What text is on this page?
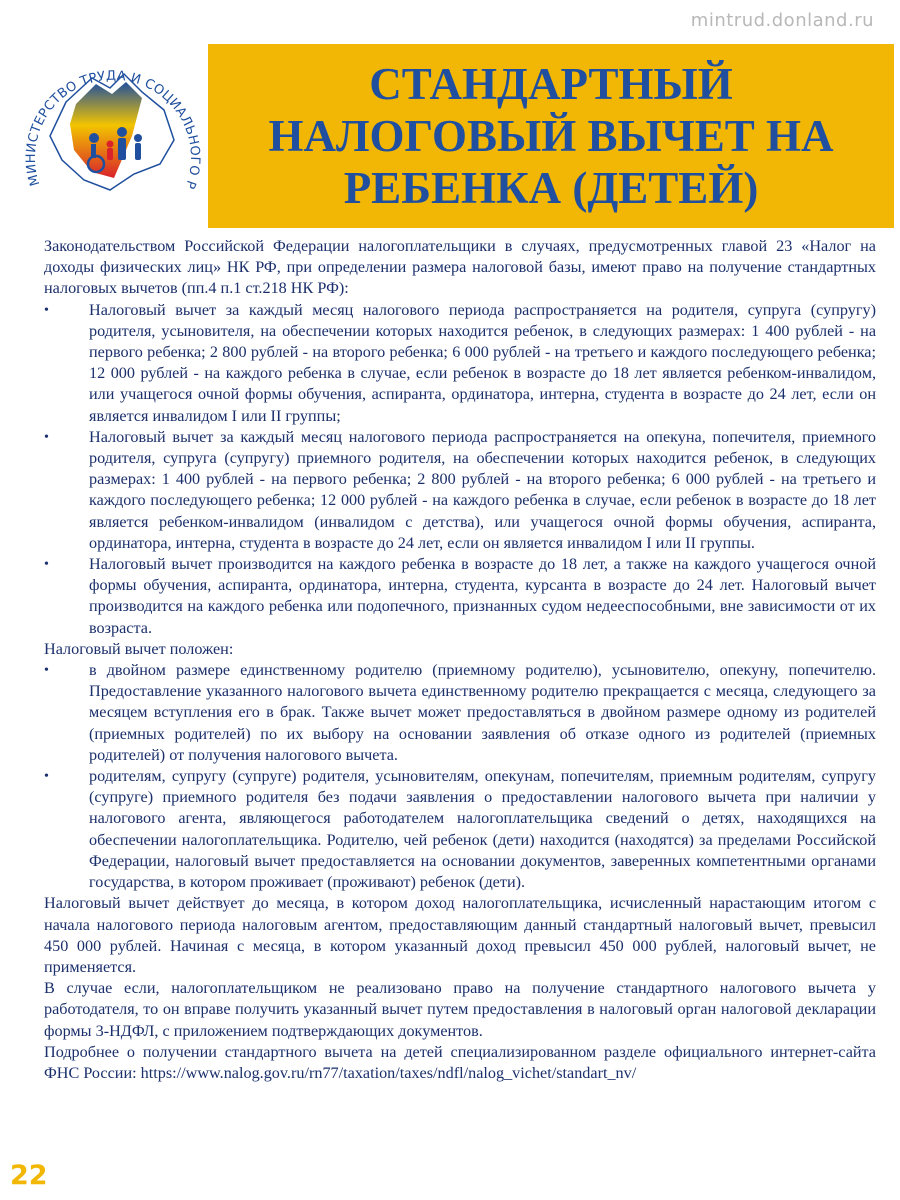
mintrud.donland.ru
МИНИСТЕРСТВО ТРУДА И СОЦИАЛЬНОГО Р
СТАНДАРТНЫЙ
НАЛОГОВЫЙ ВЫЧЕТ НА
РЕБЕНКА (ДЕТЕЙ)

Законодательством Российской Федерации налогоплательщики в случаях, предусмотренных главой 23 «Налог на доходы физических лиц» НК РФ, при определении размера налоговой базы, имеют право на получение стандартных налоговых вычетов (пп.4 п.1 ст.218 НК РФ):

• Налоговый вычет за каждый месяц налогового периода распространяется на родителя, супруга (супругу) родителя, усыновителя, на обеспечении которых находится ребенок, в следующих размерах: 1 400 рублей - на первого ребенка; 2 800 рублей - на второго ребенка; 6 000 рублей - на третьего и каждого последующего ребенка; 12 000 рублей - на каждого ребенка в случае, если ребенок в возрасте до 18 лет является ребенком-инвалидом, или учащегося очной формы обучения, аспиранта, ординатора, интерна, студента в возрасте до 24 лет, если он является инвалидом I или II группы;
• Налоговый вычет за каждый месяц налогового периода распространяется на опекуна, попечителя, приемного родителя, супруга (супругу) приемного родителя, на обеспечении которых находится ребенок, в следующих размерах: 1 400 рублей - на первого ребенка; 2 800 рублей - на второго ребенка; 6 000 рублей - на третьего и каждого последующего ребенка; 12 000 рублей - на каждого ребенка в случае, если ребенок в возрасте до 18 лет является ребенком-инвалидом (инвалидом с детства), или учащегося очной формы обучения, аспиранта, ординатора, интерна, студента в возрасте до 24 лет, если он является инвалидом I или II группы.
• Налоговый вычет производится на каждого ребенка в возрасте до 18 лет, а также на каждого учащегося очной формы обучения, аспиранта, ординатора, интерна, студента, курсанта в возрасте до 24 лет. Налоговый вычет производится на каждого ребенка или подопечного, признанных судом недееспособными, вне зависимости от их возраста.

Налоговый вычет положен:

• в двойном размере единственному родителю (приемному родителю), усыновителю, опекуну, попечителю. Предоставление указанного налогового вычета единственному родителю прекращается с месяца, следующего за месяцем вступления его в брак. Также вычет может предоставляться в двойном размере одному из родителей (приемных родителей) по их выбору на основании заявления об отказе одного из родителей (приемных родителей) от получения налогового вычета.
• родителям, супругу (супруге) родителя, усыновителям, опекунам, попечителям, приемным родителям, супругу (супруге) приемного родителя без подачи заявления о предоставлении налогового вычета при наличии у налогового агента, являющегося работодателем налогоплательщика сведений о детях, находящихся на обеспечении налогоплательщика. Родителю, чей ребенок (дети) находится (находятся) за пределами Российской Федерации, налоговый вычет предоставляется на основании документов, заверенных компетентными органами государства, в котором проживает (проживают) ребенок (дети).

Налоговый вычет действует до месяца, в котором доход налогоплательщика, исчисленный нарастающим итогом с начала налогового периода налоговым агентом, предоставляющим данный стандартный налоговый вычет, превысил 450 000 рублей. Начиная с месяца, в котором указанный доход превысил 450 000 рублей, налоговый вычет, не применяется.

В случае если, налогоплательщиком не реализовано право на получение стандартного налогового вычета у работодателя, то он вправе получить указанный вычет путем предоставления в налоговый орган налоговой декларации формы 3-НДФЛ, с приложением подтверждающих документов.

Подробнее о получении стандартного вычета на детей специализированном разделе официального интернет-сайта ФНС России: https://www.nalog.gov.ru/rn77/taxation/taxes/ndfl/nalog_vichet/standart_nv/

22
